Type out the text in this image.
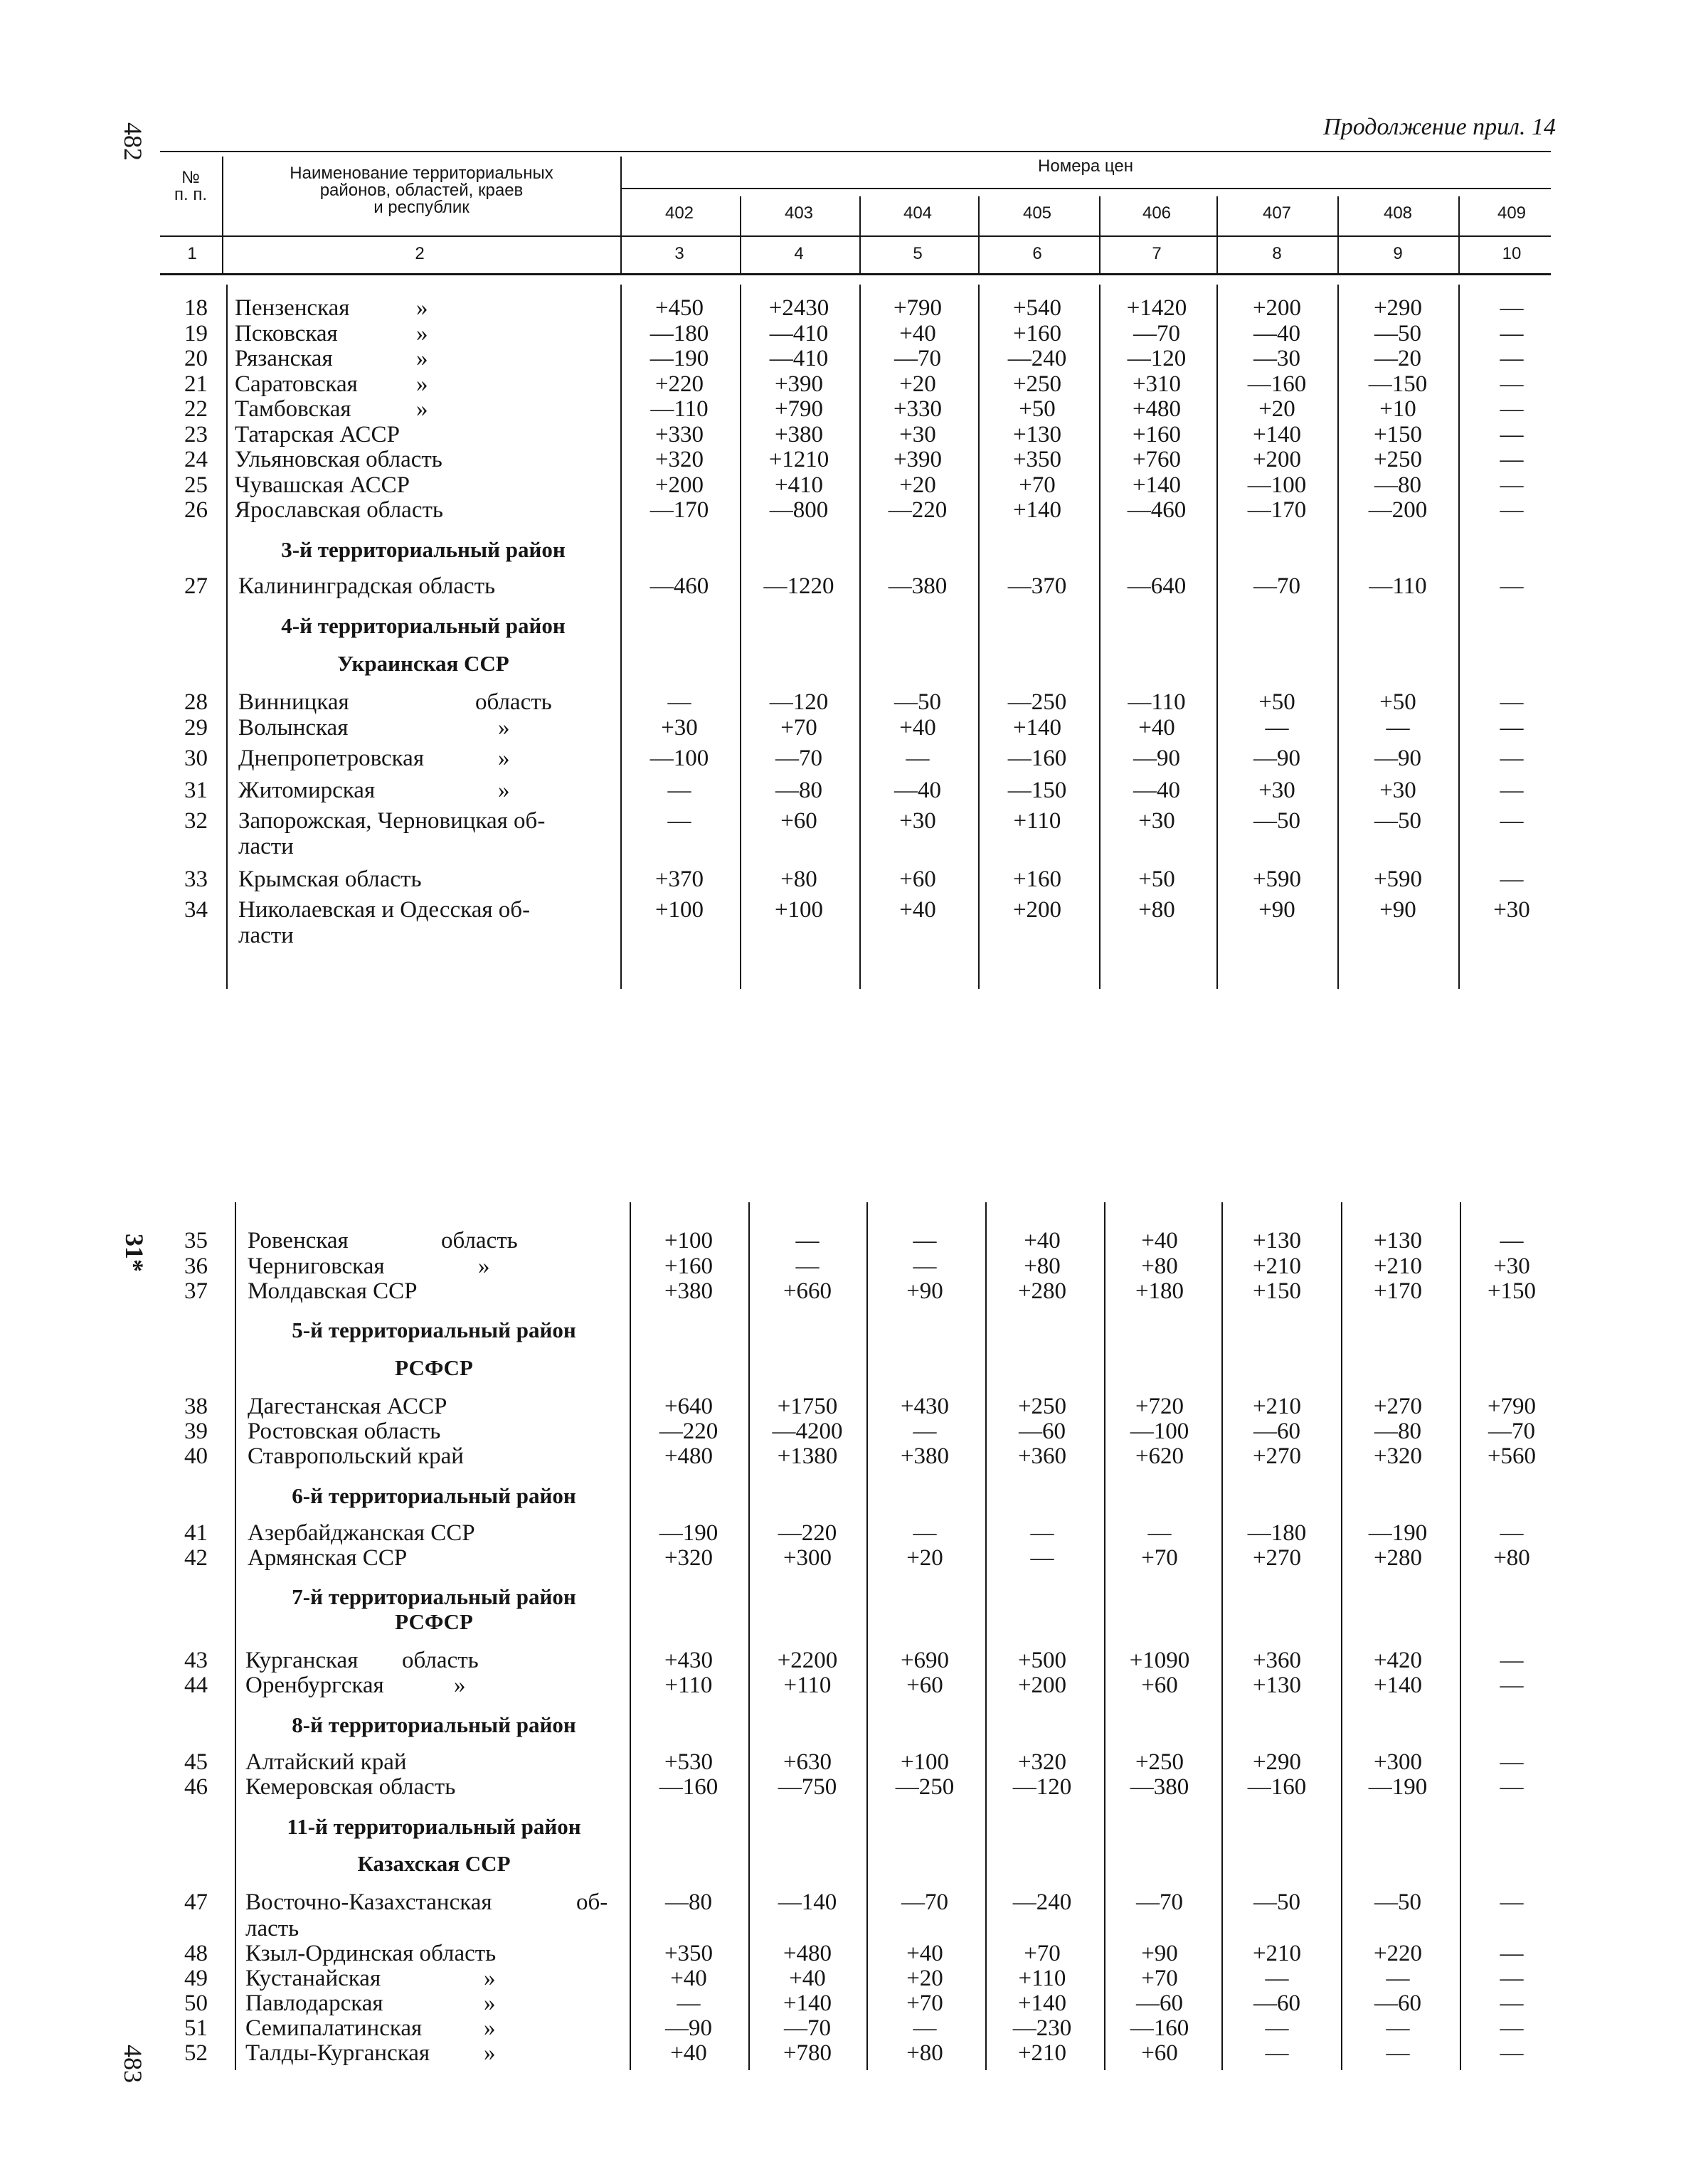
482
31*
483
Продолжение прил. 14
№
п. п.
Наименование территориальных
районов, областей, краев
и республик
Номера цен
402	403	404	405	406	407	408	409
1	2	3	4	5	6	7	8	9	10
18 Пензенская	»	+450	+2430	+790	+540	+1420	+200	+290	—
19 Псковская	»	—180	—410	+40	+160	—70	—40	—50	—
20 Рязанская	»	—190	—410	—70	—240	—120	—30	—20	—
21 Саратовская »	+220	+390	+20	+250	+310	—160	—150	—
22 Тамбовская	»	—110	+790	+330	+50	+480	+20	+10	—
23 Татарская АССР	+330	+380	+30	+130	+160	+140	+150	—
24 Ульяновская область	+320	+1210	+390	+350	+760	+200	+250	—
25 Чувашская АССР	+200	+410	+20	+70	+140	—100	—80	—
26 Ярославская область	—170	—800	—220	+140	—460	—170	—200	—
3-й территориальный район
27 Калининградская область	—460	—1220	—380	—370	—640	—70	—110	—
4-й территориальный район
Украинская ССР
28 Винницкая	область	—	—120	—50	—250	—110	+50	+50	—
29 Волынская	»	+30	+70	+40	+140	+40	—	—	—
30 Днепропетровская	»	—100	—70	—	—160	—90	—90	—90	—
31 Житомирская	»	—	—80	—40	—150	—40	+30	+30	—
32 Запорожская, Черновицкая об-	—	+60	+30	+110	+30	—50	—50	—
ласти
33 Крымская область	+370	+80	+60	+160	+50	+590	+590	—
34 Николаевская и Одесская об-	+100	+100	+40	+200	+80	+90	+90	+30
ласти
35 Ровенская	область	+100	—	—	+40	+40	+130	+130	—
36 Черниговская	»	+160	—	—	+80	+80	+210	+210	+30
37 Молдавская ССР	+380	+660	+90	+280	+180	+150	+170	+150
5-й территориальный район
РСФСР
38 Дагестанская АССР	+640	+1750	+430	+250	+720	+210	+270	+790
39 Ростовская область	—220	—4200	—	—60	—100	—60	—80	—70
40 Ставропольский край	+480	+1380	+380	+360	+620	+270	+320	+560
6-й территориальный район
41 Азербайджанская ССР	—190	—220	—	—	—	—180	—190	—
42 Армянская ССР	+320	+300	+20	—	+70	+270	+280	+80
7-й территориальный район
РСФСР
43 Курганская область	+430	+2200	+690	+500	+1090	+360	+420	—
44 Оренбургская	»	+110	+110	+60	+200	+60	+130	+140	—
8-й территориальный район
45 Алтайский край	+530	+630	+100	+320	+250	+290	+300	—
46 Кемеровская область	—160	—750	—250	—120	—380	—160	—190	—
11-й территориальный район
Казахская ССР
47 Восточно-Казахстанская	об-	—80	—140	—70	—240	—70	—50	—50	—
ласть
48 Кзыл-Ординская область	+350	+480	+40	+70	+90	+210	+220	—
49 Кустанайская	»	+40	+40	+20	+110	+70	—	—	—
50 Павлодарская	»	—	+140	+70	+140	—60	—60	—60	—
51 Семипалатинская	»	—90	—70	—	—230	—160	—	—	—
52 Талды-Курганская »	+40	+780	+80	+210	+60	—	—	—
